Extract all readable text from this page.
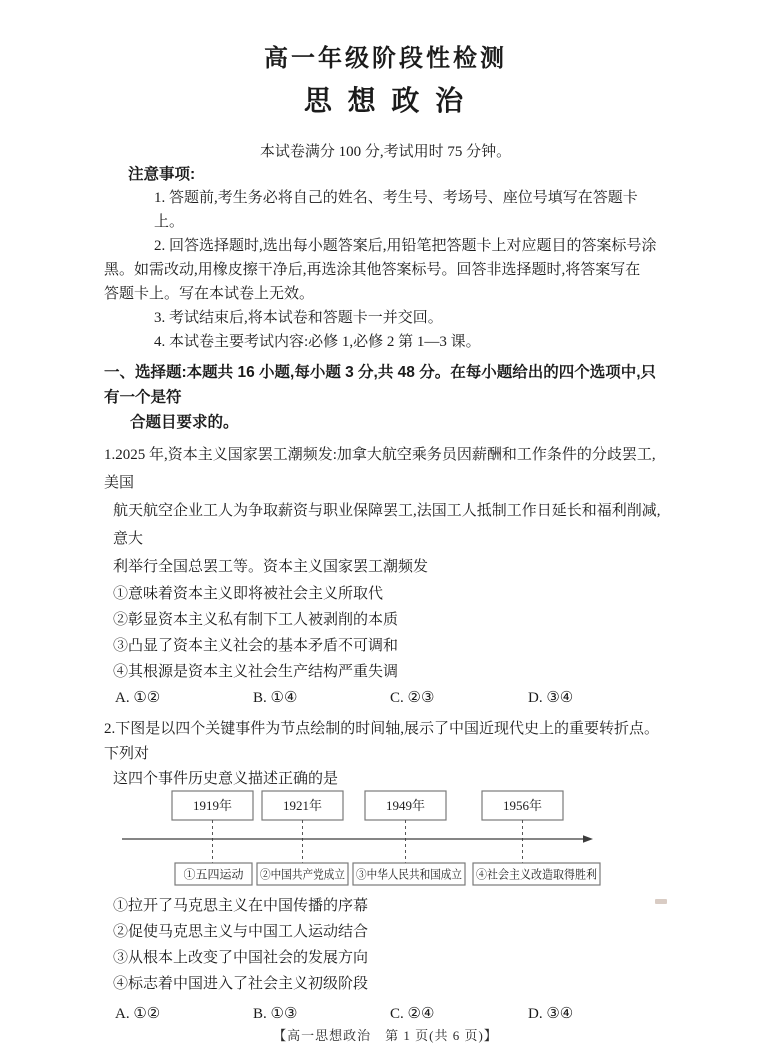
高一年级阶段性检测
思 想 政 治
本试卷满分 100 分,考试用时 75 分钟。
注意事项:
1. 答题前,考生务必将自己的姓名、考生号、考场号、座位号填写在答题卡上。
2. 回答选择题时,选出每小题答案后,用铅笔把答题卡上对应题目的答案标号涂
黑。如需改动,用橡皮擦干净后,再选涂其他答案标号。回答非选择题时,将答案写在
答题卡上。写在本试卷上无效。
3. 考试结束后,将本试卷和答题卡一并交回。
4. 本试卷主要考试内容:必修 1,必修 2 第 1—3 课。
一、选择题:本题共 16 小题,每小题 3 分,共 48 分。在每小题给出的四个选项中,只有一个是符
合题目要求的。
1.2025 年,资本主义国家罢工潮频发:加拿大航空乘务员因薪酬和工作条件的分歧罢工,美国
航天航空企业工人为争取薪资与职业保障罢工,法国工人抵制工作日延长和福利削减,意大
利举行全国总罢工等。资本主义国家罢工潮频发
①意味着资本主义即将被社会主义所取代
②彰显资本主义私有制下工人被剥削的本质
③凸显了资本主义社会的基本矛盾不可调和
④其根源是资本主义社会生产结构严重失调
A. ①②	B. ①④	C. ②③	D. ③④
2.下图是以四个关键事件为节点绘制的时间轴,展示了中国近现代史上的重要转折点。下列对
这四个事件历史意义描述正确的是
1919年	1921年	1949年	1956年
①五四运动 ②中国共产党成立 ③中华人民共和国成立 ④社会主义改造取得胜利
①拉开了马克思主义在中国传播的序幕
②促使马克思主义与中国工人运动结合
③从根本上改变了中国社会的发展方向
④标志着中国进入了社会主义初级阶段
A. ①②	B. ①③	C. ②④	D. ③④
【高一思想政治　第 1 页(共 6 页)】
